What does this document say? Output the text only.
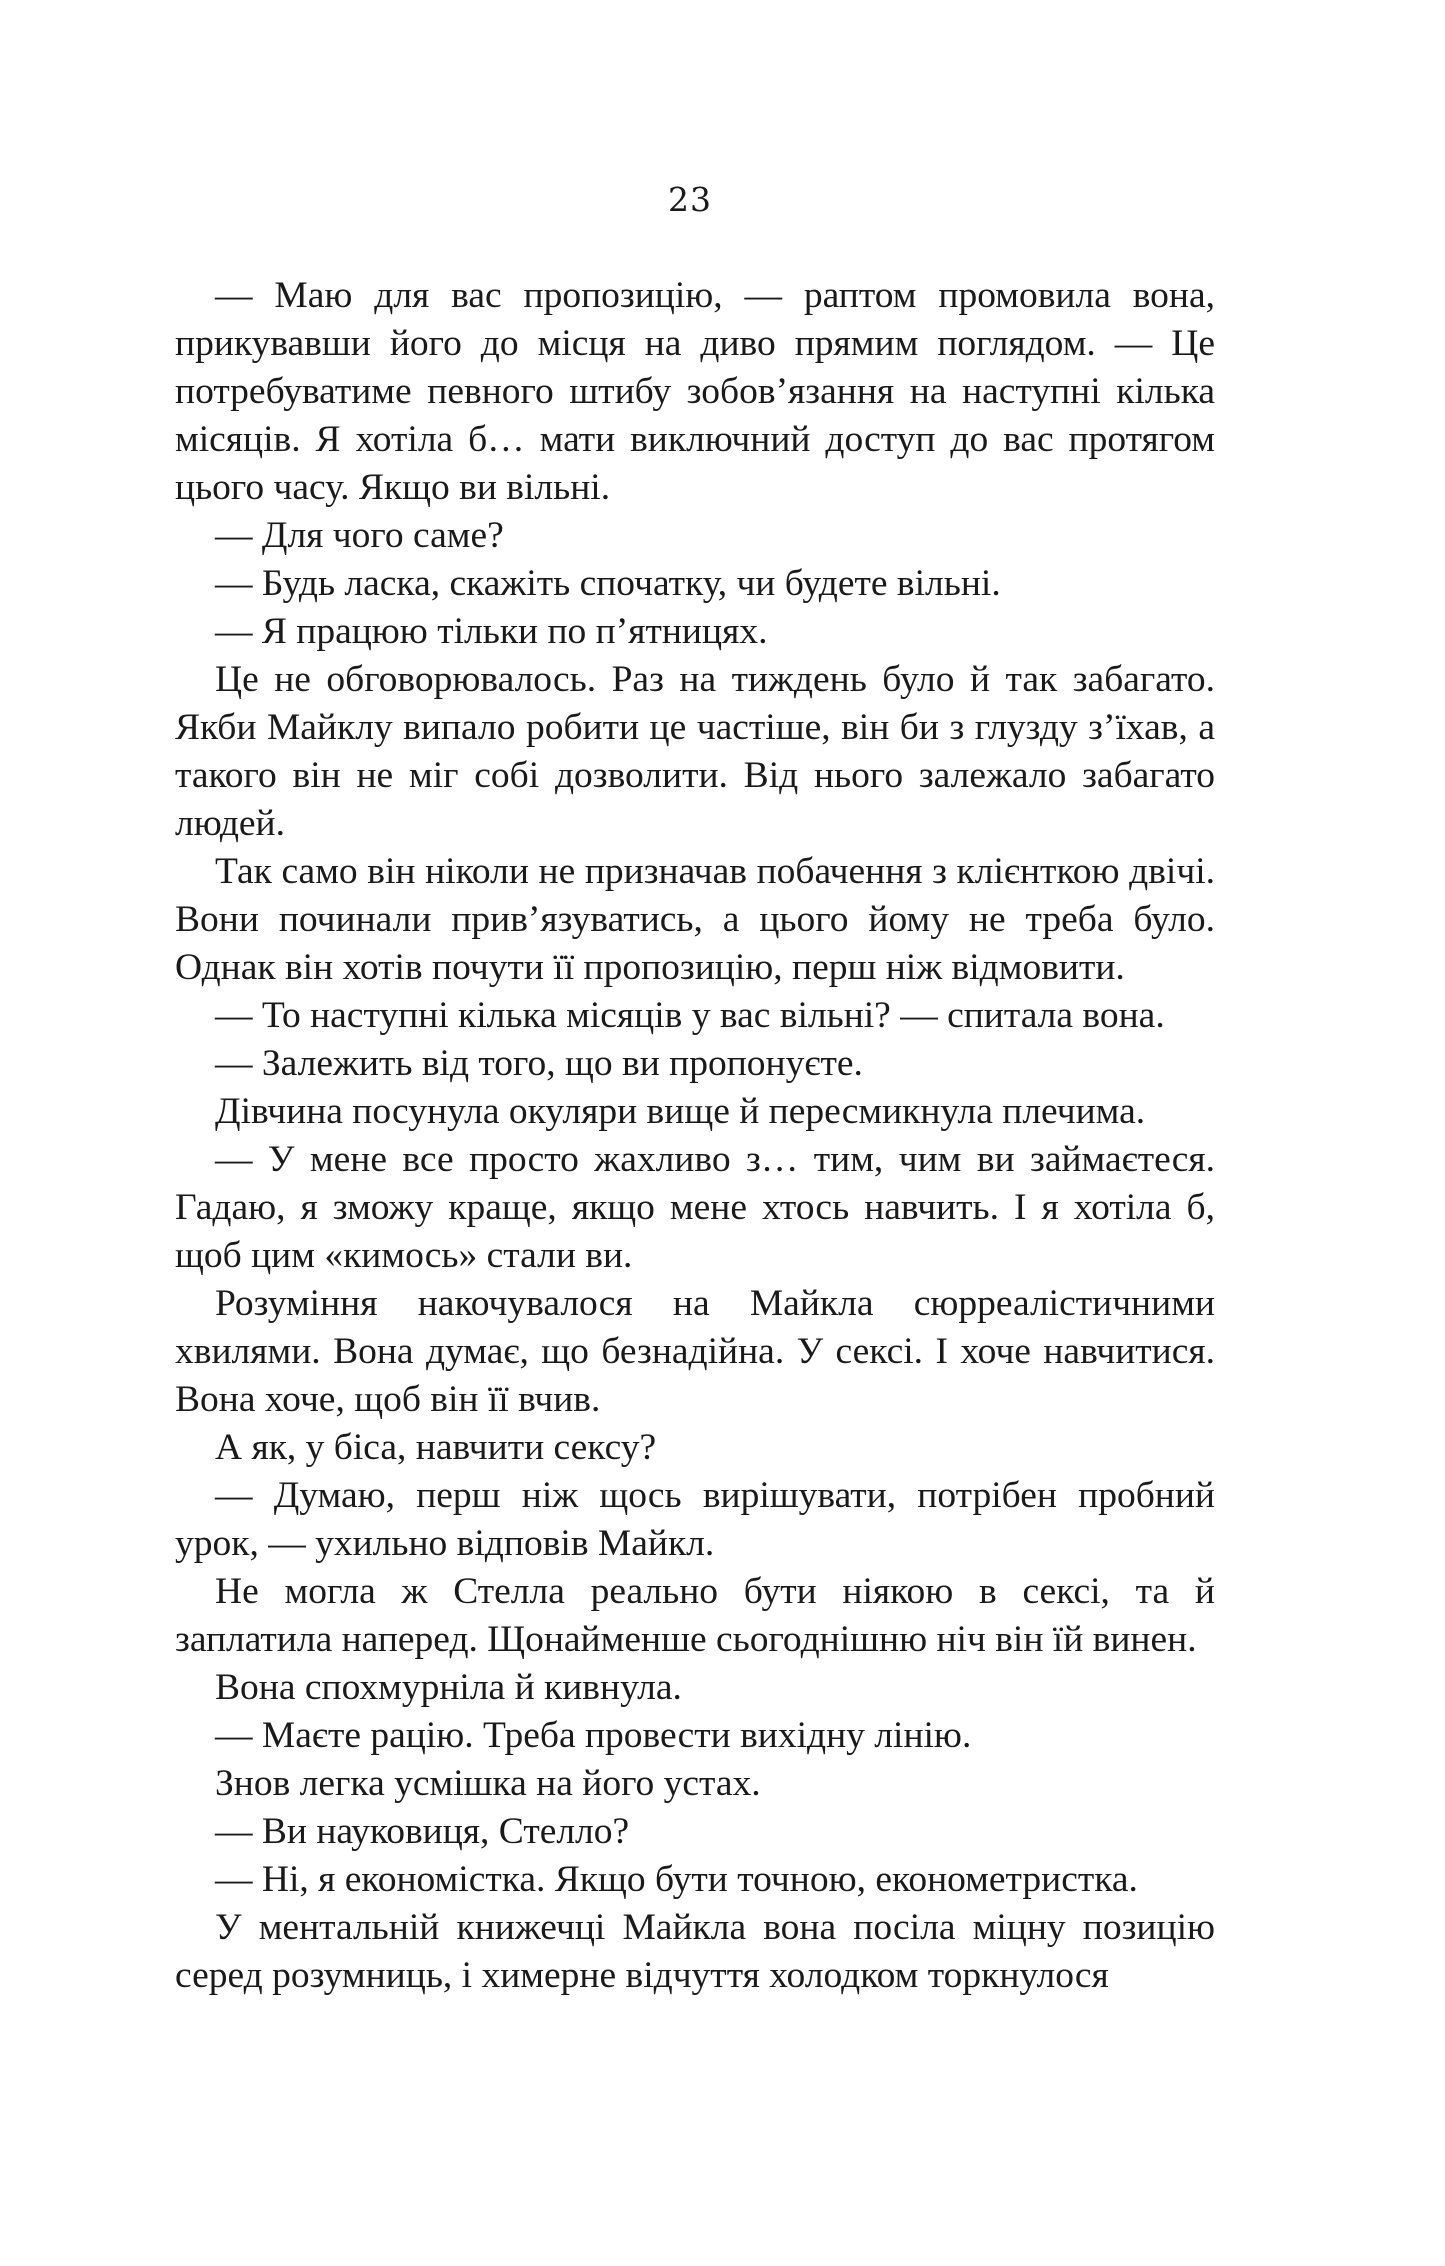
23

— Маю для вас пропозицію, — раптом промовила вона, прикувавши його до місця на диво прямим поглядом. — Це потребуватиме певного штибу зобов’язання на наступні кілька місяців. Я хотіла б… мати виключний доступ до вас протягом цього часу. Якщо ви вільні.

— Для чого саме?

— Будь ласка, скажіть спочатку, чи будете вільні.

— Я працюю тільки по п’ятницях.

Це не обговорювалось. Раз на тиждень було й так забагато. Якби Майклу випало робити це частіше, він би з глузду з’їхав, а такого він не міг собі дозволити. Від нього залежало забагато людей.

Так само він ніколи не призначав побачення з клієнткою двічі. Вони починали прив’язуватись, а цього йому не треба було. Однак він хотів почути її пропозицію, перш ніж відмовити.

— То наступні кілька місяців у вас вільні? — спитала вона.

— Залежить від того, що ви пропонуєте.

Дівчина посунула окуляри вище й пересмикнула плечима.

— У мене все просто жахливо з… тим, чим ви займаєтеся. Гадаю, я зможу краще, якщо мене хтось навчить. І я хотіла б, щоб цим «кимось» стали ви.

Розуміння накочувалося на Майкла сюрреалістичними хвилями. Вона думає, що безнадійна. У сексі. І хоче навчитися. Вона хоче, щоб він її вчив.

А як, у біса, навчити сексу?

— Думаю, перш ніж щось вирішувати, потрібен пробний урок, — ухильно відповів Майкл.

Не могла ж Стелла реально бути ніякою в сексі, та й заплатила наперед. Щонайменше сьогоднішню ніч він їй винен.

Вона спохмурніла й кивнула.

— Маєте рацію. Треба провести вихідну лінію.

Знов легка усмішка на його устах.

— Ви науковиця, Стелло?

— Ні, я економістка. Якщо бути точною, економетристка.

У ментальній книжечці Майкла вона посіла міцну позицію серед розумниць, і химерне відчуття холодком торкнулося
